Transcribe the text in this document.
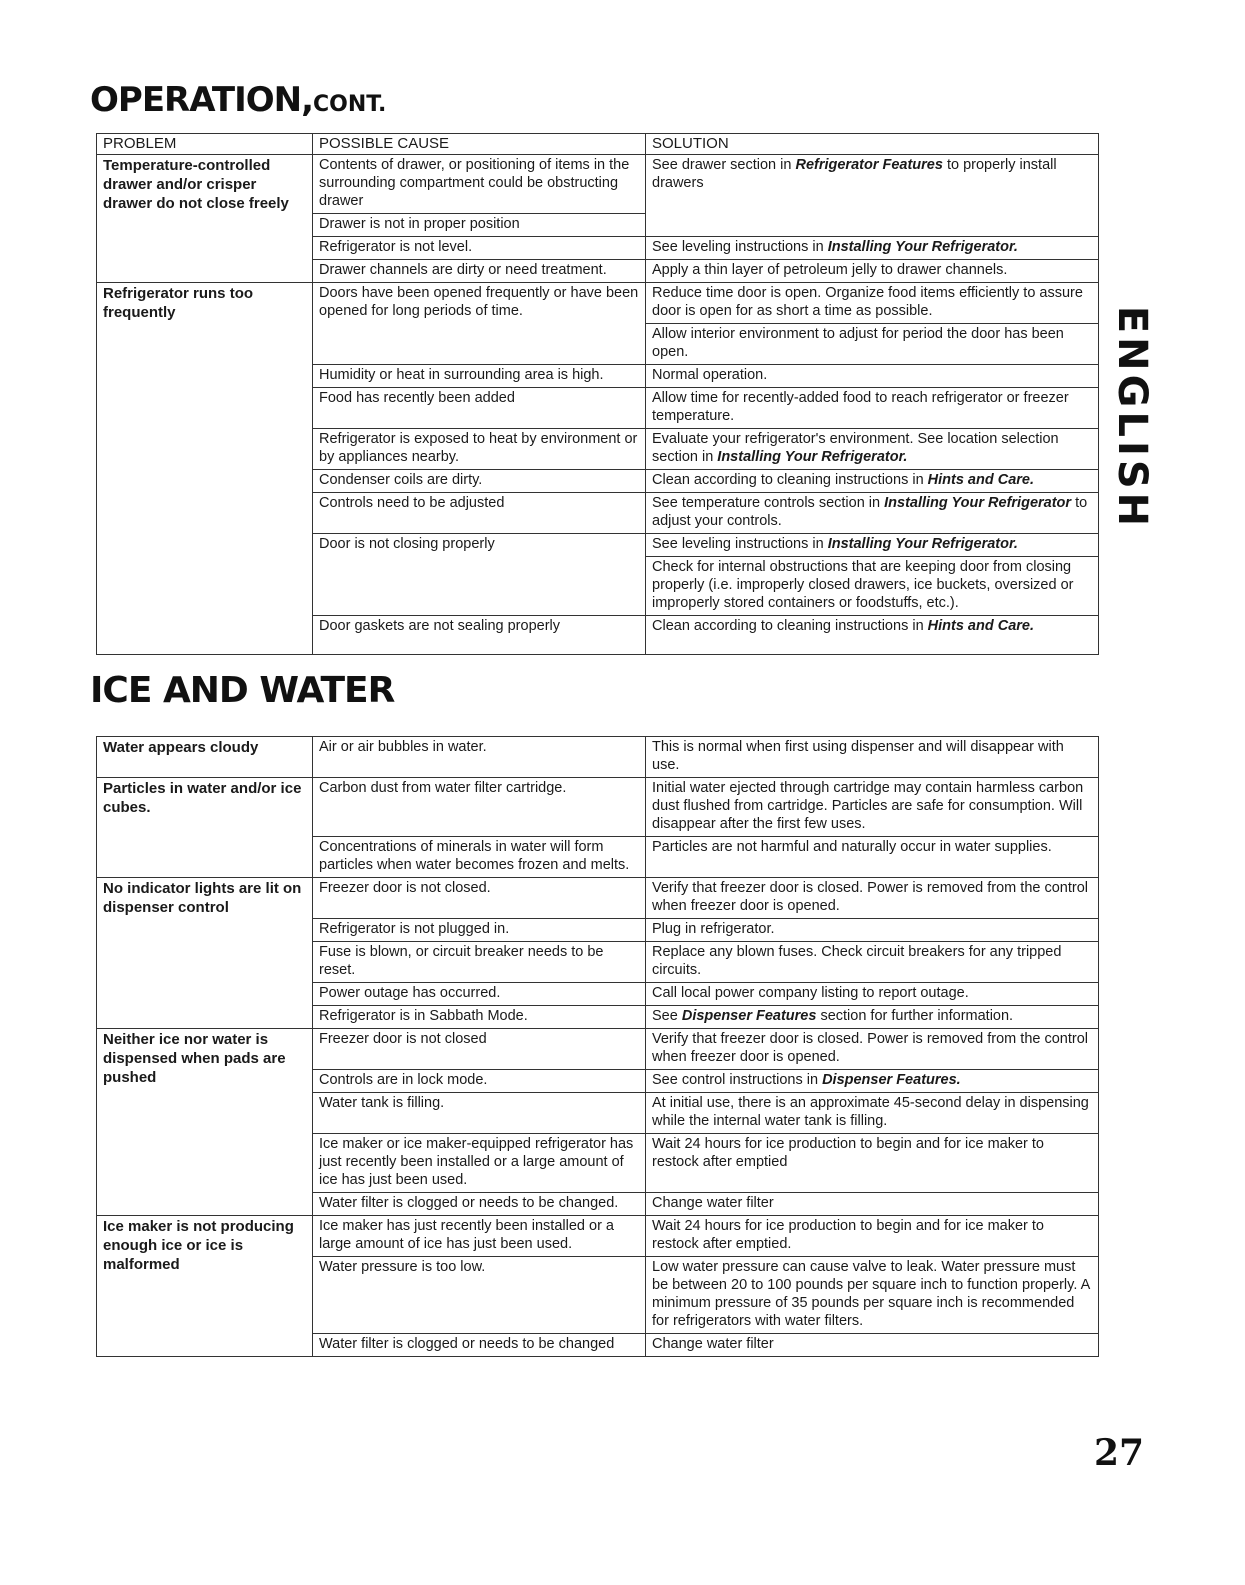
OPERATION,CONT.
PROBLEM	POSSIBLE CAUSE	SOLUTION
Temperature-controlled drawer and/or crisper drawer do not close freely	Contents of drawer, or positioning of items in the surrounding compartment could be obstructing drawer	See drawer section in Refrigerator Features to properly install drawers
	Drawer is not in proper position	
	Refrigerator is not level.	See leveling instructions in Installing Your Refrigerator.
	Drawer channels are dirty or need treatment.	Apply a thin layer of petroleum jelly to drawer channels.
Refrigerator runs too frequently	Doors have been opened frequently or have been opened for long periods of time.	Reduce time door is open. Organize food items efficiently to assure door is open for as short a time as possible.
		Allow interior environment to adjust for period the door has been open.
	Humidity or heat in surrounding area is high.	Normal operation.
	Food has recently been added	Allow time for recently-added food to reach refrigerator or freezer temperature.
	Refrigerator is exposed to heat by environment or by appliances nearby.	Evaluate your refrigerator's environment. See location selection section in Installing Your Refrigerator.
	Condenser coils are dirty.	Clean according to cleaning instructions in Hints and Care.
	Controls need to be adjusted	See temperature controls section in Installing Your Refrigerator to adjust your controls.
	Door is not closing properly	See leveling instructions in Installing Your Refrigerator.
		Check for internal obstructions that are keeping door from closing properly (i.e. improperly closed drawers, ice buckets, oversized or improperly stored containers or foodstuffs, etc.).
	Door gaskets are not sealing properly	Clean according to cleaning instructions in Hints and Care.
ICE AND WATER
Water appears cloudy	Air or air bubbles in water.	This is normal when first using dispenser and will disappear with use.
Particles in water and/or ice cubes.	Carbon dust from water filter cartridge.	Initial water ejected through cartridge may contain harmless carbon dust flushed from cartridge. Particles are safe for consumption. Will disappear after the first few uses.
	Concentrations of minerals in water will form particles when water becomes frozen and melts.	Particles are not harmful and naturally occur in water supplies.
No indicator lights are lit on dispenser control	Freezer door is not closed.	Verify that freezer door is closed. Power is removed from the control when freezer door is opened.
	Refrigerator is not plugged in.	Plug in refrigerator.
	Fuse is blown, or circuit breaker needs to be reset.	Replace any blown fuses. Check circuit breakers for any tripped circuits.
	Power outage has occurred.	Call local power company listing to report outage.
	Refrigerator is in Sabbath Mode.	See Dispenser Features section for further information.
Neither ice nor water is dispensed when pads are pushed	Freezer door is not closed	Verify that freezer door is closed. Power is removed from the control when freezer door is opened.
	Controls are in lock mode.	See control instructions in Dispenser Features.
	Water tank is filling.	At initial use, there is an approximate 45-second delay in dispensing while the internal water tank is filling.
	Ice maker or ice maker-equipped refrigerator has just recently been installed or a large amount of ice has just been used.	Wait 24 hours for ice production to begin and for ice maker to restock after emptied
	Water filter is clogged or needs to be changed.	Change water filter
Ice maker is not producing enough ice or ice is malformed	Ice maker has just recently been installed or a large amount of ice has just been used.	Wait 24 hours for ice production to begin and for ice maker to restock after emptied.
	Water pressure is too low.	Low water pressure can cause valve to leak. Water pressure must be between 20 to 100 pounds per square inch to function properly. A minimum pressure of 35 pounds per square inch is recommended for refrigerators with water filters.
	Water filter is clogged or needs to be changed	Change water filter
ENGLISH
27
